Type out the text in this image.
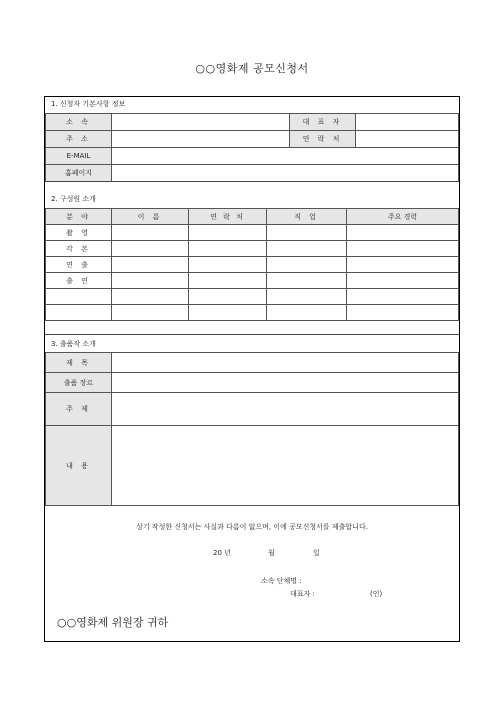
○○영화제 공모신청서
1. 신청자 기본사항 정보
소 속		대 표 자	
주 소		연 락 처	
E-MAIL			
홈페이지			
2. 구성원 소개
분 야	이 름	연 락 처	직 업	주요 경력
촬 영				
각 본				
연 출				
출 연				

3. 출품작 소개
제 목	
출품 장르	
주 제	
내 용	
상기 작성한 신청서는 사실과 다름이 없으며, 이에 공모신청서를 제출합니다.
20 년	월	일
소속 단체명 :
대표자 :	(인)
○○영화제 위원장 귀하
